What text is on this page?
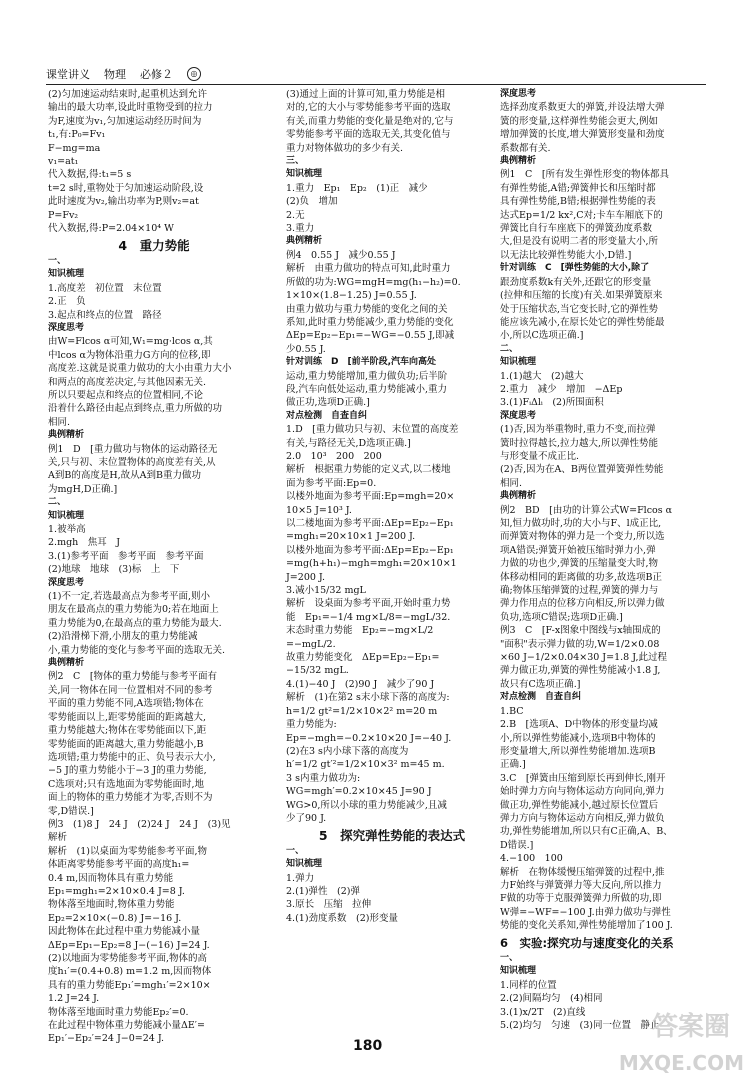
课堂讲义 物理 必修２	◎

(2)匀加速运动结束时,起重机达到允许

输出的最大功率,设此时重物受到的拉力

为F,速度为v₁,匀加速运动经历时间为

t₁,有:P₀=Fv₁

F−mg=ma

v₁=at₁

代入数据,得:t₁=5 s

t=2 s时,重物处于匀加速运动阶段,设

此时速度为v₂,输出功率为P,则v₂=at

P=Fv₂

代入数据,得:P=2.04×10⁴ W

4　重力势能

一、

知识梳理

1.高度差　初位置　末位置

2.正　负

3.起点和终点的位置　路径

深度思考

由W=Flcos α可知,W₁=mg·lcos α,其

中lcos α为物体沿重力G方向的位移,即

高度差.这就是说重力做功的大小由重力大小

和两点的高度差决定,与其他因素无关.

所以只要起点和终点的位置相同,不论

沿着什么路径由起点到终点,重力所做的功

相同.

典例精析

例1　D　[重力做功与物体的运动路径无

关,只与初、末位置物体的高度差有关,从

A到B的高度是H,故从A到B重力做功

为mgH,D正确.]

二、

知识梳理

1.被举高

2.mgh　焦耳　J

3.(1)参考平面　参考平面　参考平面

(2)地球　地球　(3)标　上　下

深度思考

(1)不一定,若选最高点为参考平面,则小

朋友在最高点的重力势能为0;若在地面上

重力势能为0,在最高点的重力势能为最大.

(2)沿滑梯下滑,小朋友的重力势能减

小,重力势能的变化与参考平面的选取无关.

典例精析

例2　C　[物体的重力势能与参考平面有

关,同一物体在同一位置相对不同的参考

平面的重力势能不同,A选项错;物体在

零势能面以上,距零势能面的距离越大,

重力势能越大;物体在零势能面以下,距

零势能面的距离越大,重力势能越小,B

选项错;重力势能中的正、负号表示大小,

−5 J的重力势能小于−3 J的重力势能,

C选项对;只有选地面为零势能面时,地

面上的物体的重力势能才为零,否则不为

零,D错误.]

例3　(1)8 J　24 J　(2)24 J　24 J　(3)见

解析

解析　(1)以桌面为零势能参考平面,物

体距离零势能参考平面的高度h₁=

0.4 m,因而物体具有重力势能

Ep₁=mgh₁=2×10×0.4 J=8 J.

物体落至地面时,物体重力势能

Ep₂=2×10×(−0.8) J=−16 J.

因此物体在此过程中重力势能减小量

ΔEp=Ep₁−Ep₂=8 J−(−16) J=24 J.

(2)以地面为零势能参考平面,物体的高

度h₁′=(0.4+0.8) m=1.2 m,因而物体

具有的重力势能Ep₁′=mgh₁′=2×10×

1.2 J=24 J.

物体落至地面时重力势能Ep₂′=0.

在此过程中物体重力势能减小量ΔE′=

Ep₁′−Ep₂′=24 J−0=24 J.

(3)通过上面的计算可知,重力势能是相

对的,它的大小与零势能参考平面的选取

有关,而重力势能的变化量是绝对的,它与

零势能参考平面的选取无关,其变化值与

重力对物体做功的多少有关.

三、

知识梳理

1.重力　Ep₁　Ep₂　(1)正　减少

(2)负　增加

2.无

3.重力

典例精析

例4　0.55 J　减少0.55 J

解析　由重力做功的特点可知,此时重力

所做的功为:WG=mgH=mg(h₁−h₂)=0.

1×10×(1.8−1.25) J=0.55 J.

由重力做功与重力势能的变化之间的关

系知,此时重力势能减少,重力势能的变化

ΔEp=Ep₂−Ep₁=−WG=−0.55 J,即减

少0.55 J.

针对训练　D　[前半阶段,汽车向高处

运动,重力势能增加,重力做负功;后半阶

段,汽车向低处运动,重力势能减小,重力

做正功,选项D正确.]

对点检测　自查自纠

1.D　[重力做功只与初、末位置的高度差

有关,与路径无关,D选项正确.]

2.0　10³　200　200

解析　根据重力势能的定义式,以二楼地

面为参考平面:Ep=0.

以楼外地面为参考平面:Ep=mgh=20×

10×5 J=10³ J.

以二楼地面为参考平面:ΔEp=Ep₂−Ep₁

=mgh₁=20×10×1 J=200 J.

以楼外地面为参考平面:ΔEp=Ep₂−Ep₁

=mg(h+h₁)−mgh=mgh₁=20×10×1

J=200 J.

3.减小15/32 mgL

解析　设桌面为参考平面,开始时重力势

能　Ep₁=−1/4 mg×L/8=−mgL/32.

末态时重力势能　Ep₂=−mg×L/2

=−mgL/2.

故重力势能变化　ΔEp=Ep₂−Ep₁=

−15/32 mgL.

4.(1)−40 J　(2)90 J　减少了90 J

解析　(1)在第2 s末小球下落的高度为:

h=1/2 gt²=1/2×10×2² m=20 m

重力势能为:

Ep=−mgh=−0.2×10×20 J=−40 J.

(2)在3 s内小球下落的高度为

h′=1/2 gt′²=1/2×10×3² m=45 m.

3 s内重力做功为:

WG=mgh′=0.2×10×45 J=90 J

WG>0,所以小球的重力势能减少,且减

少了90 J.

5　探究弹性势能的表达式

一、

知识梳理

1.弹力

2.(1)弹性　(2)弹

3.原长　压缩　拉伸

4.(1)劲度系数　(2)形变量

深度思考

选择劲度系数更大的弹簧,并设法增大弹

簧的形变量,这样弹性势能会更大,例如

增加弹簧的长度,增大弹簧形变量和劲度

系数都有关.

典例精析

例1　C　[所有发生弹性形变的物体都具

有弹性势能,A错;弹簧伸长和压缩时都

具有弹性势能,B错;根据弹性势能的表

达式Ep=1/2 kx²,C对;卡车车厢底下的

弹簧比自行车座底下的弹簧劲度系数

大,但是没有说明二者的形变量大小,所

以无法比较弹性势能大小,D错.]

针对训练　C　[弹性势能的大小,除了

跟劲度系数k有关外,还跟它的形变量

(拉伸和压缩的长度)有关.如果弹簧原来

处于压缩状态,当它变长时,它的弹性势

能应该先减小,在原长处它的弹性势能最

小,所以C选项正确.]

二、

知识梳理

1.(1)越大　(2)越大

2.重力　减少　增加　−ΔEp

3.(1)FᵢΔlᵢ　(2)所围面积

深度思考

(1)否,因为举重物时,重力不变,而拉弹

簧时拉得越长,拉力越大,所以弹性势能

与形变量不成正比.

(2)否,因为在A、B两位置弹簧弹性势能

相同.

典例精析

例2　BD　[由功的计算公式W=Flcos α

知,恒力做功时,功的大小与F、l成正比,

而弹簧对物体的弹力是一个变力,所以选

项A错误;弹簧开始被压缩时弹力小,弹

力做的功也少,弹簧的压缩量变大时,物

体移动相同的距离做的功多,故选项B正

确;物体压缩弹簧的过程,弹簧的弹力与

弹力作用点的位移方向相反,所以弹力做

负功,选项C错误;选项D正确.]

例3　C　[F-x图象中图线与x轴围成的

"面积"表示弹力做的功,W=1/2×0.08

×60 J−1/2×0.04×30 J=1.8 J,此过程

弹力做正功,弹簧的弹性势能减小1.8 J,

故只有C选项正确.]

对点检测　自查自纠

1.BC

2.B　[选项A、D中物体的形变量均减

小,所以弹性势能减小,选项B中物体的

形变量增大,所以弹性势能增加.选项B

正确.]

3.C　[弹簧由压缩到原长再到伸长,刚开

始时弹力方向与物体运动方向同向,弹力

做正功,弹性势能减小,越过原长位置后

弹力方向与物体运动方向相反,弹力做负

功,弹性势能增加,所以只有C正确,A、B、

D错误.]

4.−100　100

解析　在物体缓慢压缩弹簧的过程中,推

力F始终与弹簧弹力等大反向,所以推力

F做的功等于克服弹簧弹力所做的功,即

W弹=−WF=−100 J.由弹力做功与弹性

势能的变化关系知,弹性势能增加了100 J.

6　实验:探究功与速度变化的关系

一、

知识梳理

1.同样的位置

2.(2)间隔均匀　(4)相同

3.(1)x/2T　(2)直线

5.(2)均匀　匀速　(3)同一位置　静止

180
答案圈
MXQE.COM
